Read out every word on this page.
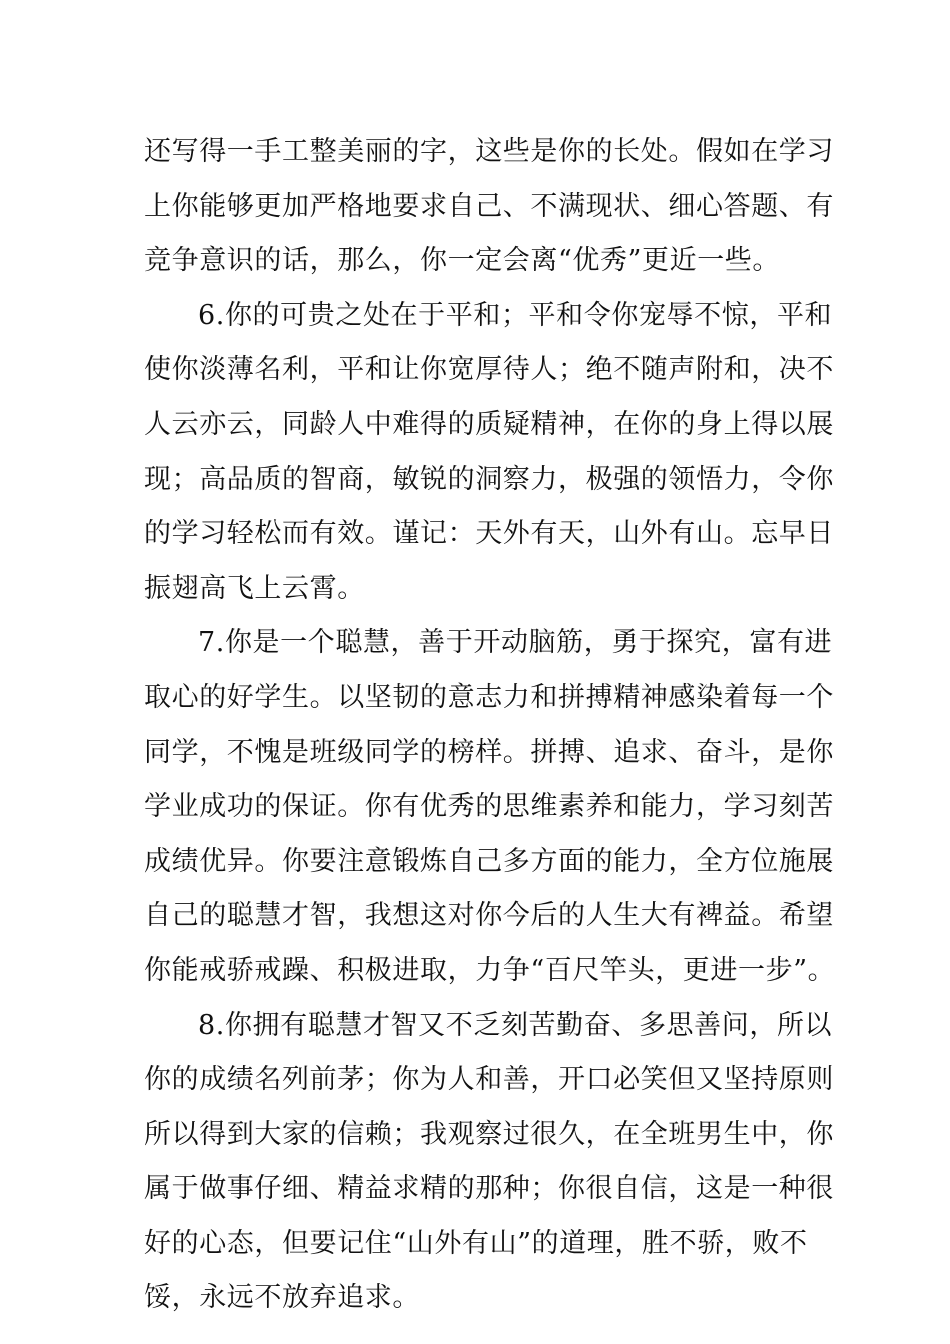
还写得一手工整美丽的字，这些是你的长处。假如在学习
上你能够更加严格地要求自己、不满现状、细心答题、有
竞争意识的话，那么，你一定会离“优秀”更近一些。
6.你的可贵之处在于平和；平和令你宠辱不惊，平和
使你淡薄名利，平和让你宽厚待人；绝不随声附和，决不
人云亦云，同龄人中难得的质疑精神，在你的身上得以展
现；高品质的智商，敏锐的洞察力，极强的领悟力，令你
的学习轻松而有效。谨记：天外有天，山外有山。忘早日
振翅高飞上云霄。
7.你是一个聪慧，善于开动脑筋，勇于探究，富有进
取心的好学生。以坚韧的意志力和拼搏精神感染着每一个
同学，不愧是班级同学的榜样。拼搏、追求、奋斗，是你
学业成功的保证。你有优秀的思维素养和能力，学习刻苦
成绩优异。你要注意锻炼自己多方面的能力，全方位施展
自己的聪慧才智，我想这对你今后的人生大有裨益。希望
你能戒骄戒躁、积极进取，力争“百尺竿头，更进一步”。
8.你拥有聪慧才智又不乏刻苦勤奋、多思善问，所以
你的成绩名列前茅；你为人和善，开口必笑但又坚持原则
所以得到大家的信赖；我观察过很久，在全班男生中，你
属于做事仔细、精益求精的那种；你很自信，这是一种很
好的心态，但要记住“山外有山”的道理，胜不骄，败不
馁，永远不放弃追求。
